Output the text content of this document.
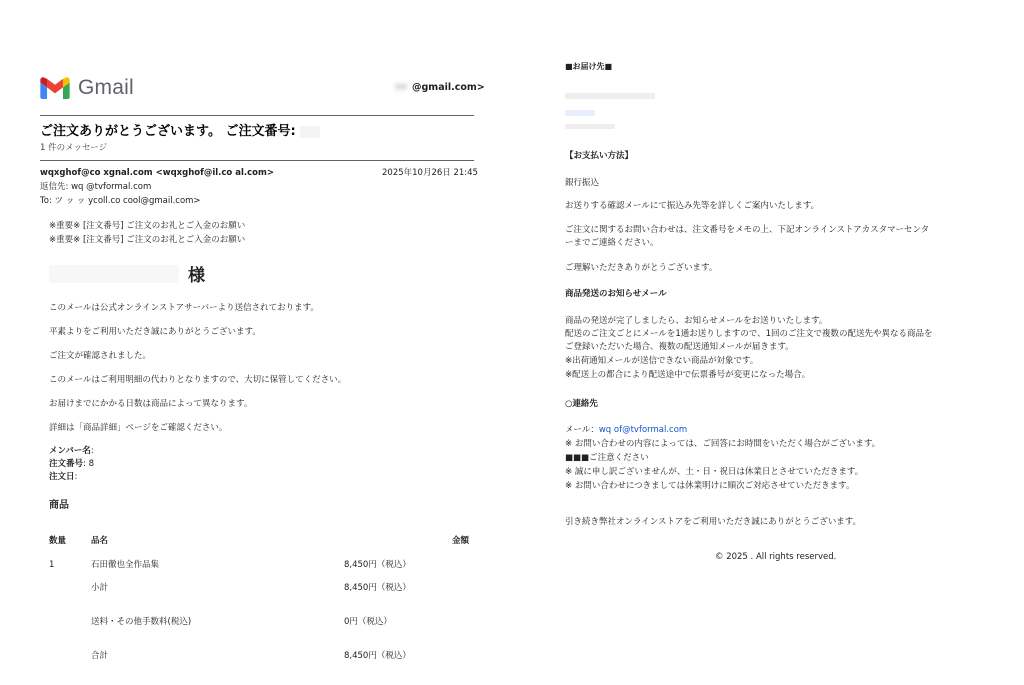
Gmail	ﾂﾂﾂ @gmail.com>
ご注文ありがとうございます。 ご注文番号:
1 件のメッセージ
wqxghof@co xgnal.com <wqxghof@il.co al.com>	2025年10月26日 21:45
返信先: wq @tvformal.com
To: ツ ッ ッ ycoll.co cool@gmail.com>
※重要※ [注文番号] ご注文のお礼とご入金のお願い
※重要※ [注文番号] ご注文のお礼とご入金のお願い
様
このメールは公式オンラインストアサーバーより送信されております。
平素よりをご利用いただき誠にありがとうございます。
ご注文が確認されました。
このメールはご利用明細の代わりとなりますので、大切に保管してください。
お届けまでにかかる日数は商品によって異なります。
詳細は「商品詳細」ページをご確認ください。
メンバー名:
注文番号: 8
注文日:
商品
数量	品名	金額
1	石田徹也全作品集	8,450円（税込）
小計	8,450円（税込）
送料・その他手数料(税込)	0円（税込）
合計	8,450円（税込）
■お届け先■
【お支払い方法】
銀行振込
お送りする確認メールにて振込み先等を詳しくご案内いたします。
ご注文に関するお問い合わせは、注文番号をメモの上、下記オンラインストアカスタマーセンタ
ーまでご連絡ください。
ご理解いただきありがとうございます。
商品発送のお知らせメール
商品の発送が完了しましたら、お知らせメールをお送りいたします。
配送のご注文ごとにメールを1通お送りしますので、1回のご注文で複数の配送先や異なる商品を
ご登録いただいた場合、複数の配送通知メールが届きます。
※出荷通知メールが送信できない商品が対象です。
※配送上の都合により配送途中で伝票番号が変更になった場合。
○連絡先
メール：wq of@tvformal.com
※ お問い合わせの内容によっては、ご回答にお時間をいただく場合がございます。
■■■ご注意ください
※ 誠に申し訳ございませんが、土・日・祝日は休業日とさせていただきます。
※ お問い合わせにつきましては休業明けに順次ご対応させていただきます。
引き続き弊社オンラインストアをご利用いただき誠にありがとうございます。
© 2025 . All rights reserved.
